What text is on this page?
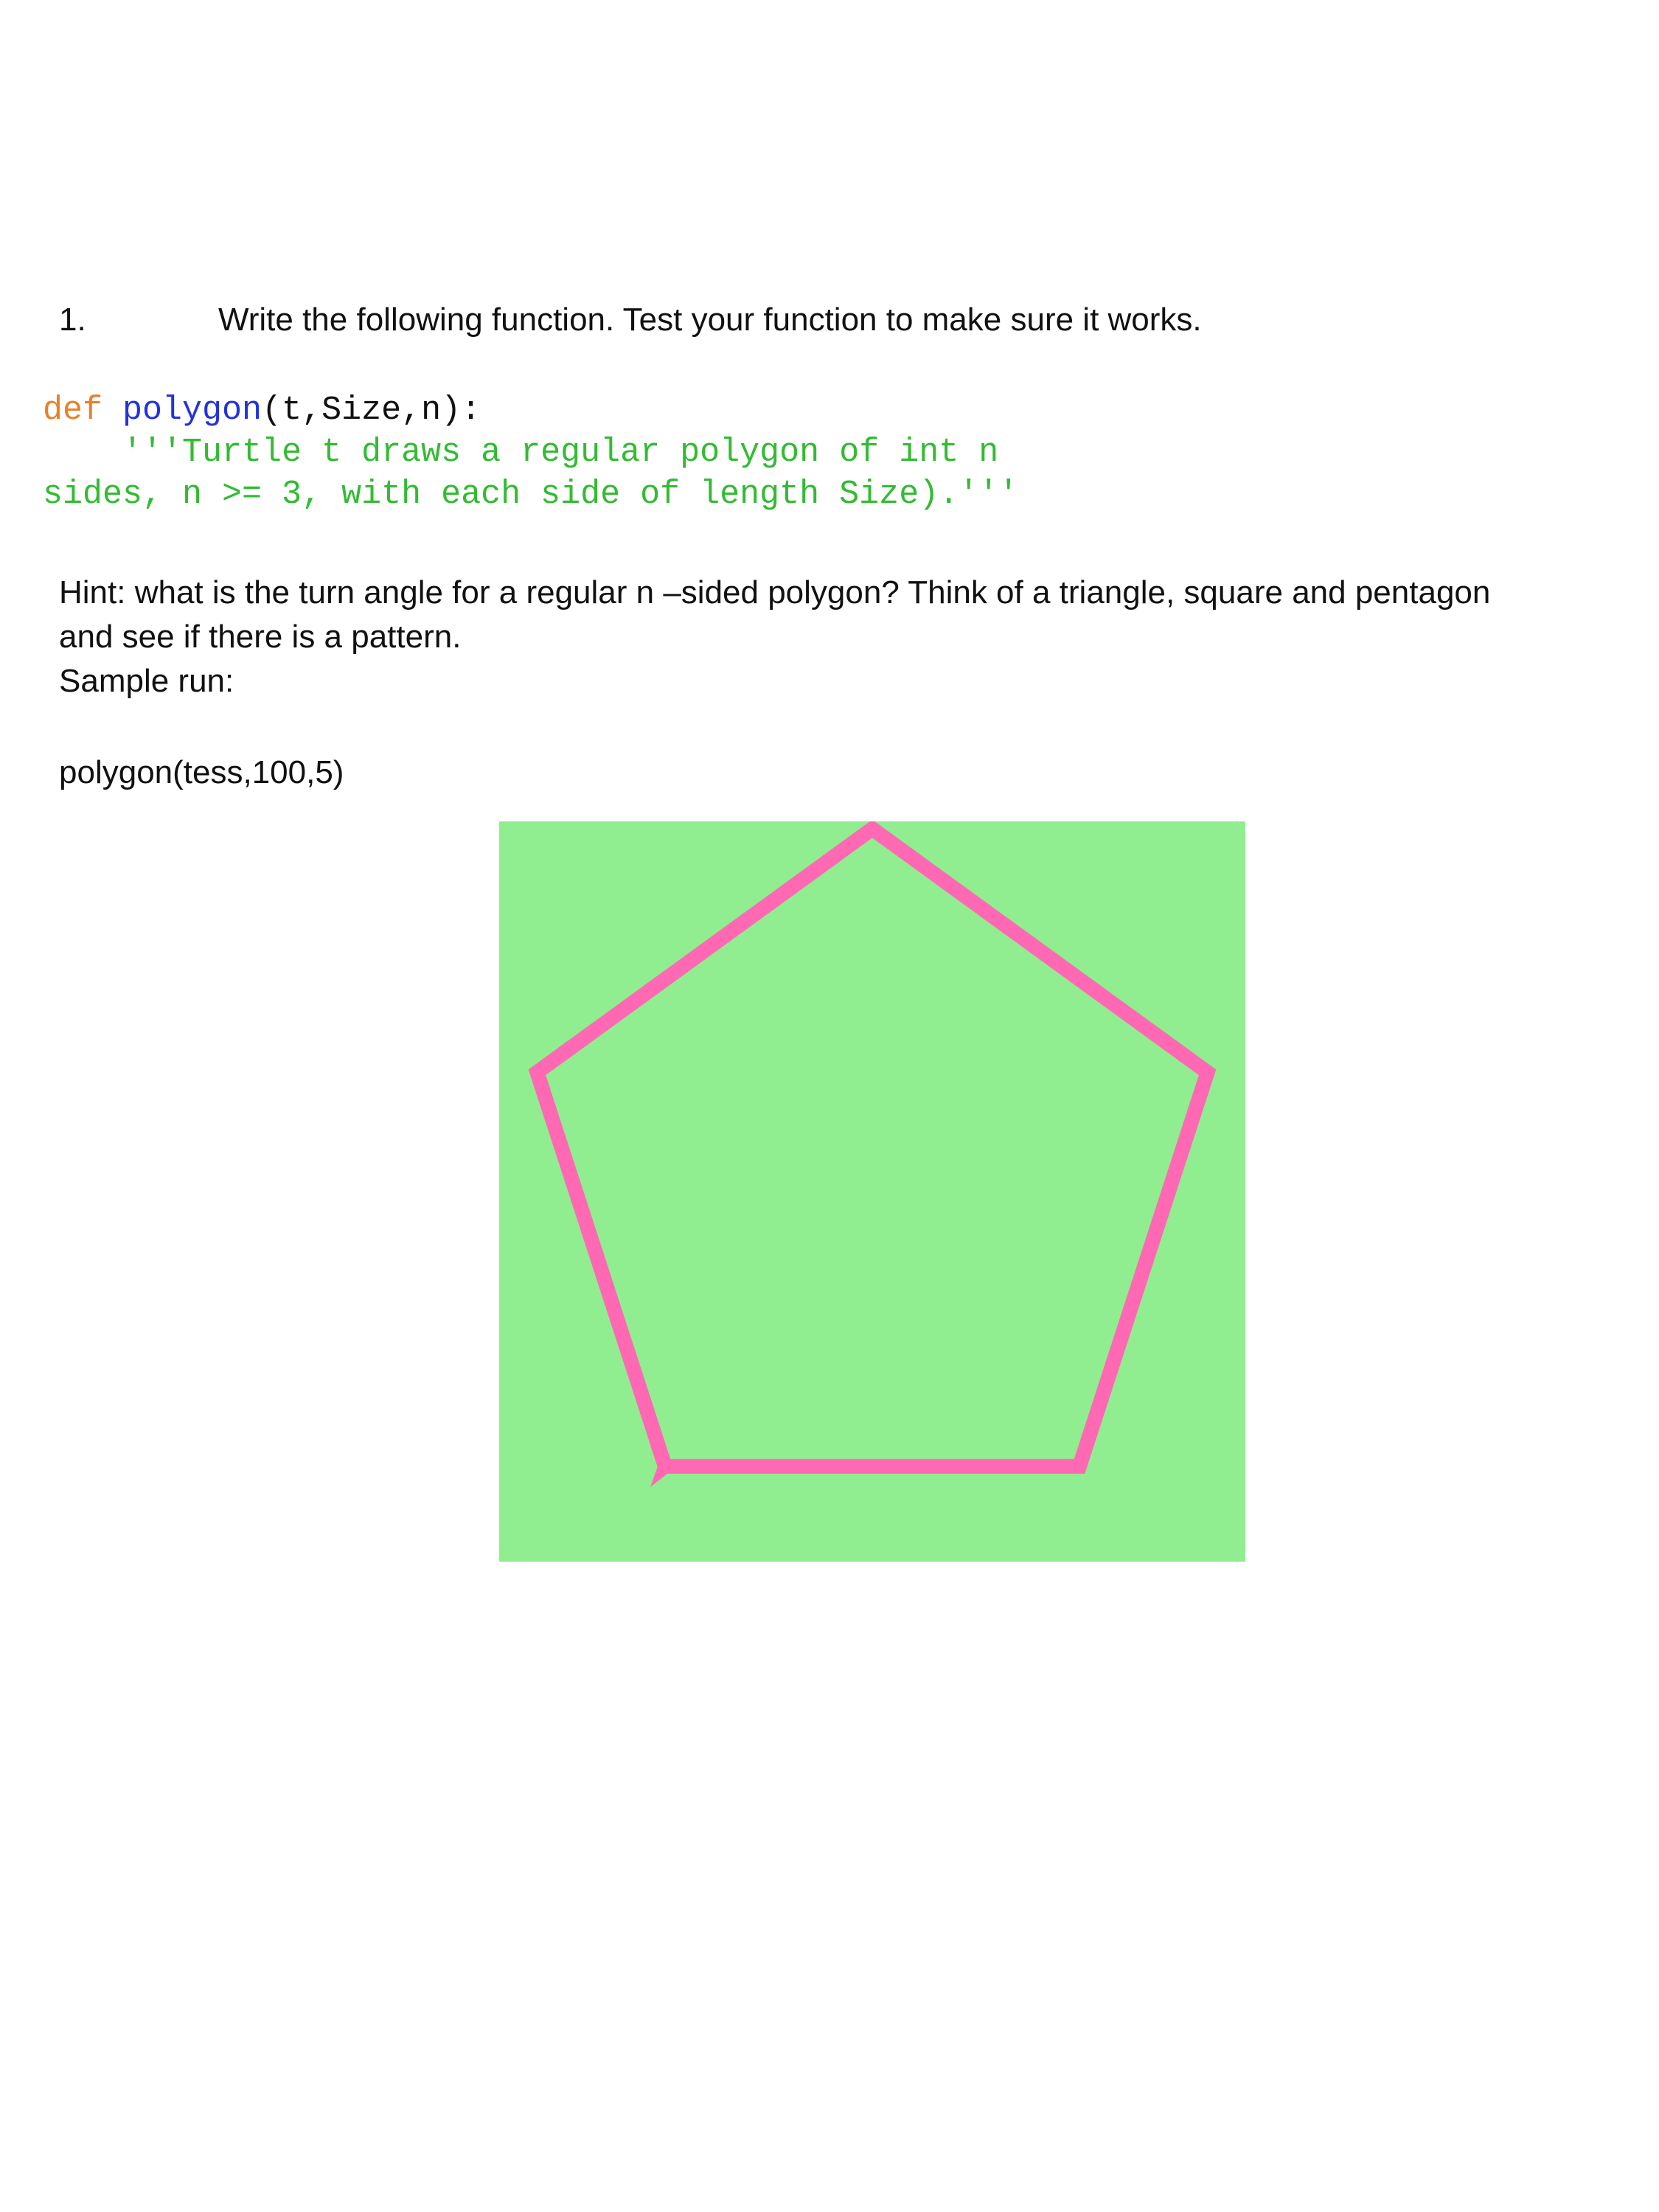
1.	Write the following function. Test your function to make sure it works.
def polygon(t,Size,n):
'''Turtle t draws a regular polygon of int n
sides, n >= 3, with each side of length Size).'''

Hint: what is the turn angle for a regular n –sided polygon? Think of a triangle, square and pentagon

and see if there is a pattern.

Sample run:

polygon(tess,100,5)
